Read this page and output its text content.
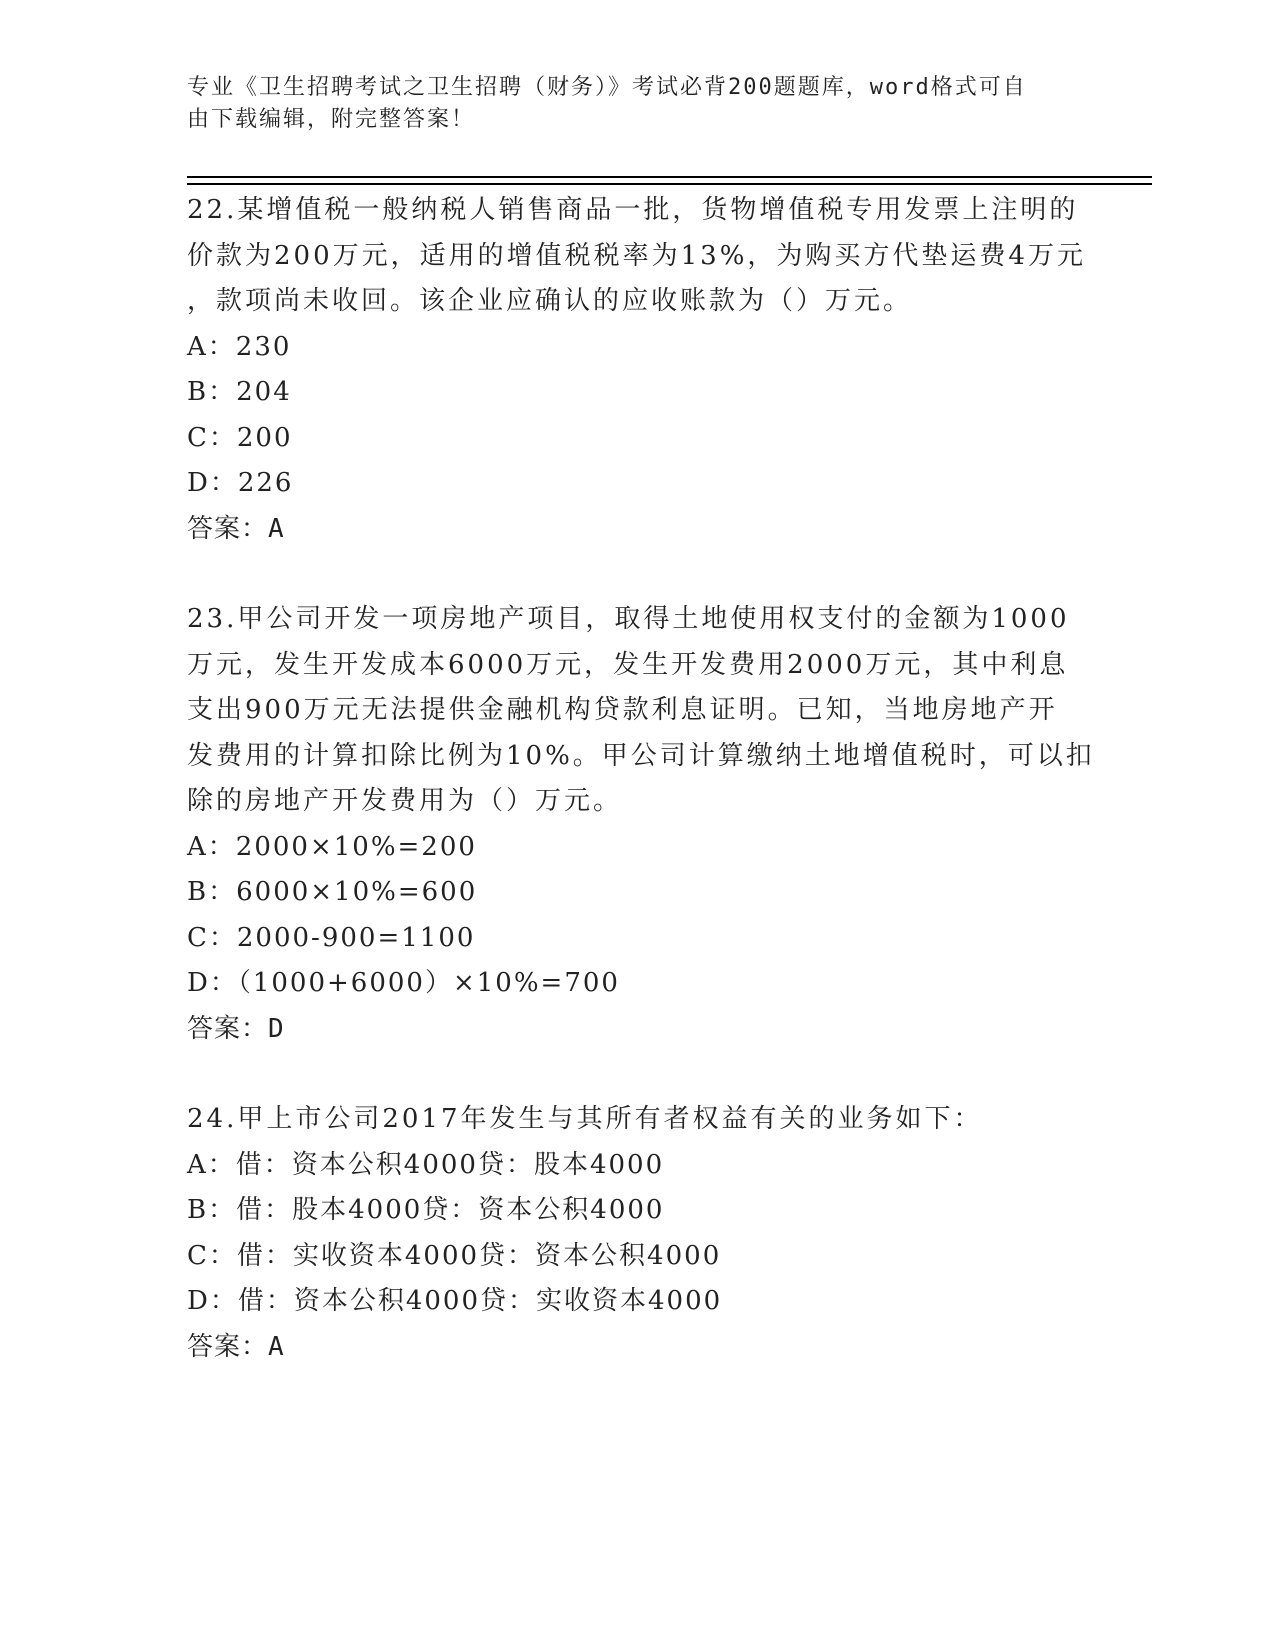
专业《卫生招聘考试之卫生招聘（财务）》考试必背200题题库，word格式可自
由下载编辑，附完整答案！
22.某增值税一般纳税人销售商品一批，货物增值税专用发票上注明的
价款为200万元，适用的增值税税率为13%，为购买方代垫运费4万元
，款项尚未收回。该企业应确认的应收账款为（）万元。
A：230
B：204
C：200
D：226
答案：A
23.甲公司开发一项房地产项目，取得土地使用权支付的金额为1000
万元，发生开发成本6000万元，发生开发费用2000万元，其中利息
支出900万元无法提供金融机构贷款利息证明。已知，当地房地产开
发费用的计算扣除比例为10%。甲公司计算缴纳土地增值税时，可以扣
除的房地产开发费用为（）万元。
A：2000×10%=200
B：6000×10%=600
C：2000-900=1100
D：（1000+6000）×10%=700
答案：D
24.甲上市公司2017年发生与其所有者权益有关的业务如下：
A：借：资本公积4000贷：股本4000
B：借：股本4000贷：资本公积4000
C：借：实收资本4000贷：资本公积4000
D：借：资本公积4000贷：实收资本4000
答案：A
